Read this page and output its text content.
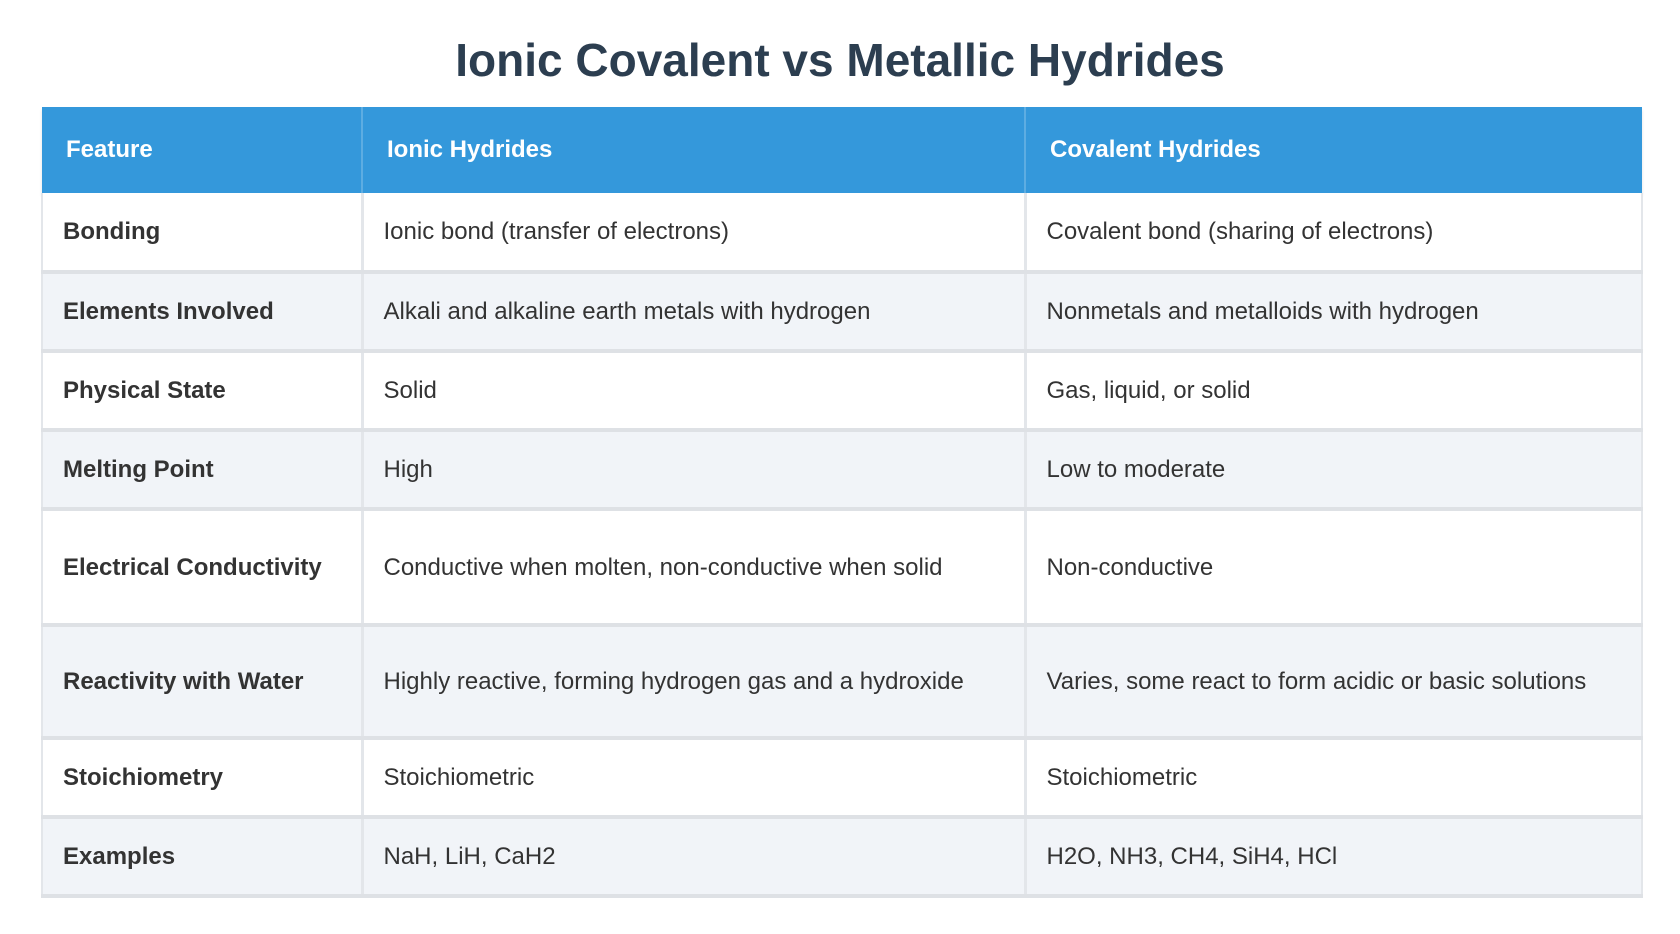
Ionic Covalent vs Metallic Hydrides
Feature	Ionic Hydrides	Covalent Hydrides
Bonding	Ionic bond (transfer of electrons)	Covalent bond (sharing of electrons)
Elements Involved	Alkali and alkaline earth metals with hydrogen	Nonmetals and metalloids with hydrogen
Physical State	Solid	Gas, liquid, or solid
Melting Point	High	Low to moderate
Electrical Conductivity	Conductive when molten, non-conductive when solid	Non-conductive
Reactivity with Water	Highly reactive, forming hydrogen gas and a hydroxide	Varies, some react to form acidic or basic solutions
Stoichiometry	Stoichiometric	Stoichiometric
Examples	NaH, LiH, CaH2	H2O, NH3, CH4, SiH4, HCl
